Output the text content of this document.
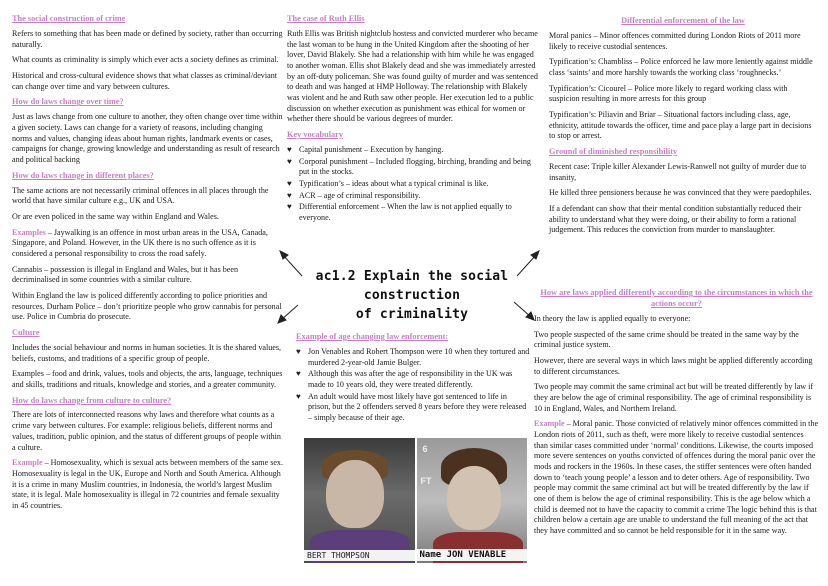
The social construction of crime

Refers to something that has been made or defined by society, rather than occurring naturally.

What counts as criminality is simply which ever acts a society defines as criminal.

Historical and cross-cultural evidence shows that what classes as criminal/deviant can change over time and vary between cultures.

How do laws change over time?

Just as laws change from one culture to another, they often change over time within a given society. Laws can change for a variety of reasons, including changing norms and values, changing ideas about human rights, landmark events or cases, campaigns for change, growing knowledge and understanding as result of research and political backing

How do laws change in different places?

The same actions are not necessarily criminal offences in all places through the world that have similar culture e.g., UK and USA.

Or are even policed in the same way within England and Wales.

Examples – Jaywalking is an offence in most urban areas in the USA, Canada, Singapore, and Poland. However, in the UK there is no such offence as it is considered a personal responsibility to cross the road safely.

Cannabis – possession is illegal in England and Wales, but it has been decriminalised in some countries with a similar culture.

Within England the law is policed differently according to police priorities and resources. Durham Police – don’t prioritize people who grow cannabis for personal use. Police in Cumbria do prosecute.

Culture

Includes the social behaviour and norms in human societies. It is the shared values, beliefs, customs, and traditions of a specific group of people.

Examples – food and drink, values, tools and objects, the arts, language, techniques and skills, traditions and rituals, knowledge and stories, and a greater community.

How do laws change from culture to culture?

There are lots of interconnected reasons why laws and therefore what counts as a crime vary between cultures. For example: religious beliefs, different norms and values, tradition, public opinion, and the status of different groups of people within a culture.

Example – Homosexuality, which is sexual acts between members of the same sex. Homosexuality is legal in the UK, Europe and North and South America. Although it is a crime in many Muslim countries, in Indonesia, the world’s largest Muslim state, it is legal. Male homosexuality is illegal in 72 countries and female sexuality in 45 countries.

The case of Ruth Ellis

Ruth Ellis was British nightclub hostess and convicted murderer who became the last woman to be hung in the United Kingdom after the shooting of her lover, David Blakely. She had a relationship with him while he was engaged to another woman. Ellis shot Blakely dead and she was immediately arrested by an off-duty policeman. She was found guilty of murder and was sentenced to death and was hanged at HMP Holloway. The relationship with Blakely was violent and he and Ruth saw other people. Her execution led to a public discussion on whether execution as punishment was ethical for women or whether there should be various degrees of murder.

Key vocabulary
♥ Capital punishment – Execution by hanging.
♥ Corporal punishment – Included flogging, birching, branding and being put in the stocks.
♥ Typification’s – ideas about what a typical criminal is like.
♥ ACR – age of criminal responsibility.
♥ Differential enforcement – When the law is not applied equally to everyone.
ac1.2 Explain the social construction
of criminality
Example of age changing law enforcement:
♥ Jon Venables and Robert Thompson were 10 when they tortured and murdered 2-year-old Jamie Bulger.
♥ Although this was after the age of responsibility in the UK was made to 10 years old, they were treated differently.
♥ An adult would have most likely have got sentenced to life in prison, but the 2 offenders served 8 years before they were released – simply because of their age.
BERT THOMPSON
6
FT
Name JON VENABLE
Differential enforcement of the law

Moral panics – Minor offences committed during London Riots of 2011 more likely to receive custodial sentences.

Typification’s: Chambliss – Police enforced he law more leniently against middle class ‘saints’ and more harshly towards the working class ‘roughnecks.’

Typification’s: Cicourel – Police more likely to regard working class with suspicion resulting in more arrests for this group

Typification’s: Piliavin and Briar – Situational factors including class, age, ethnicity, attitude towards the officer, time and pace play a large part in decisions to stop or arrest.

Ground of diminished responsibility

Recent case: Triple killer Alexander Lewis-Ranwell not guilty of murder due to insanity,

He killed three pensioners because he was convinced that they were paedophiles.

If a defendant can show that their mental condition substantially reduced their ability to understand what they were doing, or their ability to form a rational judgement. This reduces the conviction from murder to manslaughter.

How are laws applied differently according to the circumstances in which the actions occur?

In theory the law is applied equally to everyone:

Two people suspected of the same crime should be treated in the same way by the criminal justice system.

However, there are several ways in which laws might be applied differently according to different circumstances.

Two people may commit the same criminal act but will be treated differently by law if they are below the age of criminal responsibility. The age of criminal responsibility is 10 in England, Wales, and Northern Ireland.

Example – Moral panic. Those convicted of relatively minor offences committed in the London riots of 2011, such as theft, were more likely to receive custodial sentences than similar cases committed under ‘normal’ conditions. Likewise, the courts imposed more severe sentences on youths convicted of offences during the moral panic over the mods and rockers in the 1960s. In these cases, the stiffer sentences were often handed down to ‘teach young people’ a lesson and to deter others. Age of responsibility. Two people may commit the same criminal act but will be treated differently by the law if one of them is below the age of criminal responsibility. This is the age below which a child is deemed not to have the capacity to commit a crime The logic behind this is that children below a certain age are unable to understand the full meaning of the act that they have committed and so cannot be held responsible for it in the same way.
